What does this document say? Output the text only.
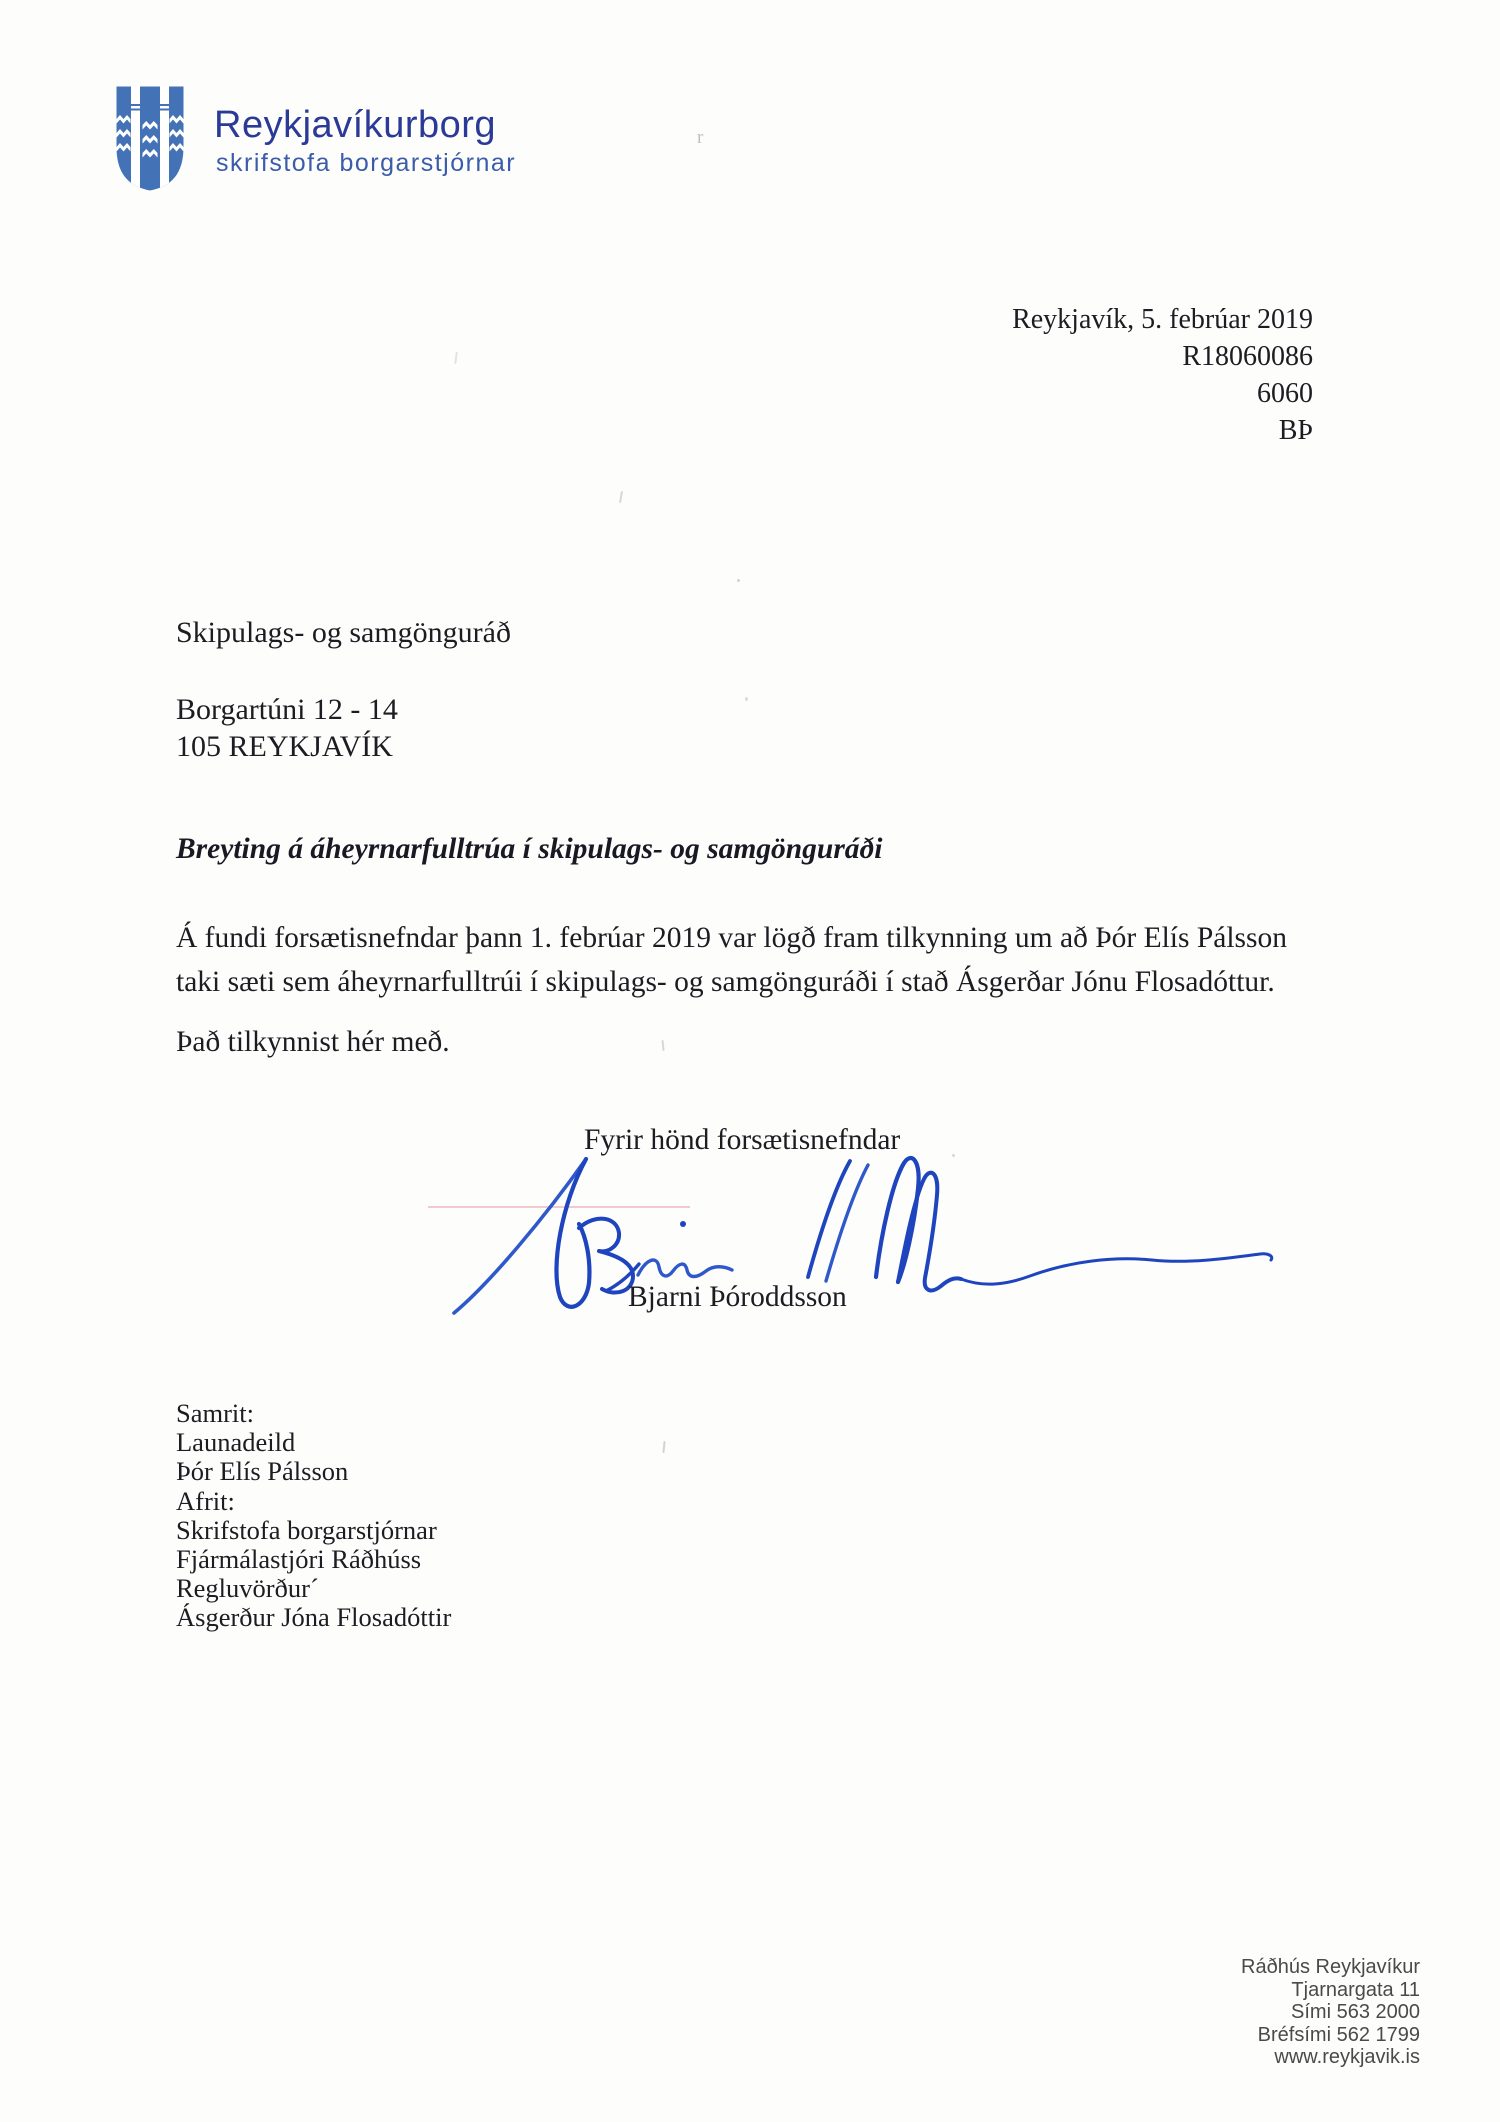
Reykjavíkurborg
skrifstofa borgarstjórnar
Reykjavík, 5. febrúar 2019
R18060086
6060
BÞ
Skipulags- og samgönguráð
Borgartúni 12 - 14
105 REYKJAVÍK
Breyting á áheyrnarfulltrúa í skipulags- og samgönguráði
Á fundi forsætisnefndar þann 1. febrúar 2019 var lögð fram tilkynning um að Þór Elís Pálsson
taki sæti sem áheyrnarfulltrúi í skipulags- og samgönguráði í stað Ásgerðar Jónu Flosadóttur.
Það tilkynnist hér með.
Fyrir hönd forsætisnefndar
Bjarni Þóroddsson
Samrit:
Launadeild
Þór Elís Pálsson
Afrit:
Skrifstofa borgarstjórnar
Fjármálastjóri Ráðhúss
Regluvörður´
Ásgerður Jóna Flosadóttir
Ráðhús Reykjavíkur
Tjarnargata 11
Sími 563 2000
Bréfsími 562 1799
www.reykjavik.is
r
